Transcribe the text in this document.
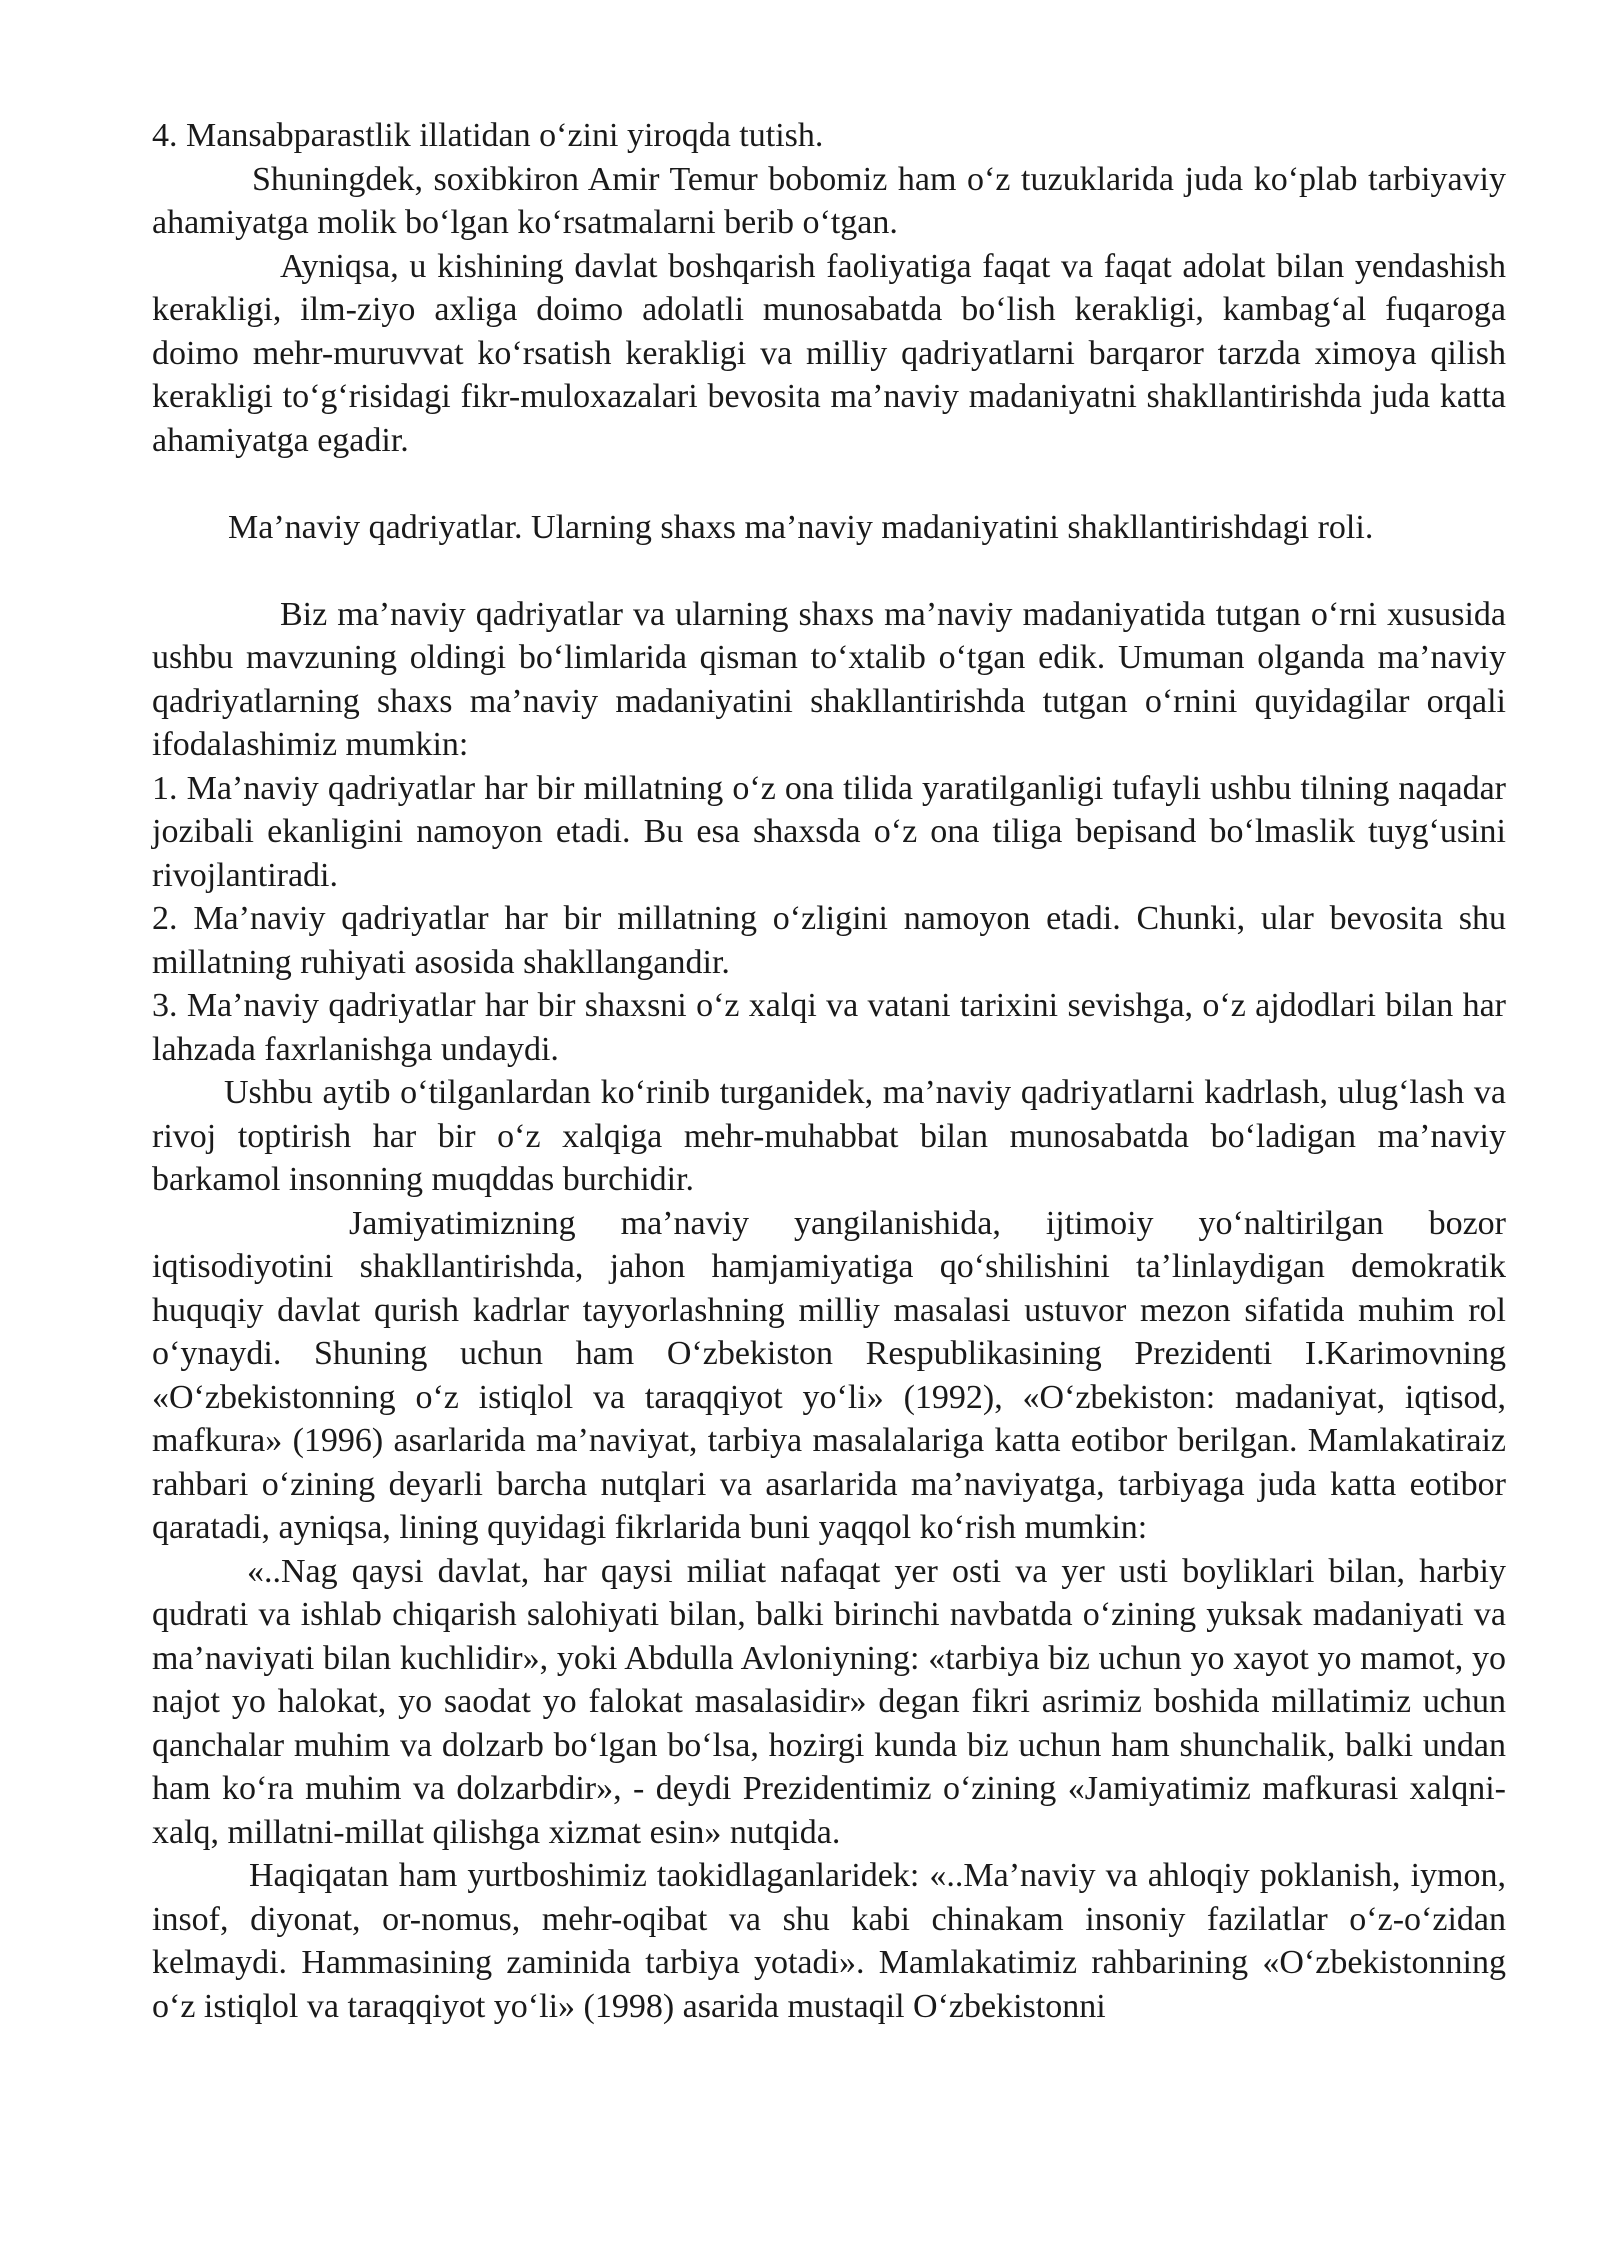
4. Mansabparastlik illatidan o‘zini yiroqda tutish.

Shuningdek, soxibkiron Amir Temur bobomiz ham o‘z tuzuklarida juda ko‘plab tarbiyaviy ahamiyatga molik bo‘lgan ko‘rsatmalarni berib o‘tgan.

Ayniqsa, u kishining davlat boshqarish faoliyatiga faqat va faqat adolat bilan yendashish kerakligi, ilm-ziyo axliga doimo adolatli munosabatda bo‘lish kerakligi, kambag‘al fuqaroga doimo mehr-muruvvat ko‘rsatish kerakligi va milliy qadriyatlarni barqaror tarzda ximoya qilish kerakligi to‘g‘risidagi fikr-muloxazalari bevosita ma’naviy madaniyatni shakllantirishda juda katta ahamiyatga egadir.

Ma’naviy qadriyatlar. Ularning shaxs ma’naviy madaniyatini shakllantirishdagi roli.

Biz ma’naviy qadriyatlar va ularning shaxs ma’naviy madaniyatida tutgan o‘rni xususida ushbu mavzuning oldingi bo‘limlarida qisman to‘xtalib o‘tgan edik. Umuman olganda ma’naviy qadriyatlarning shaxs ma’naviy madaniyatini shakllantirishda tutgan o‘rnini quyidagilar orqali ifodalashimiz mumkin:

1. Ma’naviy qadriyatlar har bir millatning o‘z ona tilida yaratilganligi tufayli ushbu tilning naqadar jozibali ekanligini namoyon etadi. Bu esa shaxsda o‘z ona tiliga bepisand bo‘lmaslik tuyg‘usini rivojlantiradi.

2. Ma’naviy qadriyatlar har bir millatning o‘zligini namoyon etadi. Chunki, ular bevosita shu millatning ruhiyati asosida shakllangandir.

3. Ma’naviy qadriyatlar har bir shaxsni o‘z xalqi va vatani tarixini sevishga, o‘z ajdodlari bilan har lahzada faxrlanishga undaydi.

Ushbu aytib o‘tilganlardan ko‘rinib turganidek, ma’naviy qadriyatlarni kadrlash, ulug‘lash va rivoj toptirish har bir o‘z xalqiga mehr-muhabbat bilan munosabatda bo‘ladigan ma’naviy barkamol insonning muqddas burchidir.

Jamiyatimizning ma’naviy yangilanishida, ijtimoiy yo‘naltirilgan bozor iqtisodiyotini shakllantirishda, jahon hamjamiyatiga qo‘shilishini ta’linlaydigan demokratik huquqiy davlat qurish kadrlar tayyorlashning milliy masalasi ustuvor mezon sifatida muhim rol o‘ynaydi. Shuning uchun ham O‘zbekiston Respublikasining Prezidenti I.Karimovning «O‘zbekistonning o‘z istiqlol va taraqqiyot yo‘li» (1992), «O‘zbekiston: madaniyat, iqtisod, mafkura» (1996) asarlarida ma’naviyat, tarbiya masalalariga katta eotibor berilgan. Mamlakatiraiz rahbari o‘zining deyarli barcha nutqlari va asarlarida ma’naviyatga, tarbiyaga juda katta eotibor qaratadi, ayniqsa, lining quyidagi fikrlarida buni yaqqol ko‘rish mumkin:

«..Nag qaysi davlat, har qaysi miliat nafaqat yer osti va yer usti boyliklari bilan, harbiy qudrati va ishlab chiqarish salohiyati bilan, balki birinchi navbatda o‘zining yuksak madaniyati va ma’naviyati bilan kuchlidir», yoki Abdulla Avloniyning: «tarbiya biz uchun yo xayot yo mamot, yo najot yo halokat, yo saodat yo falokat masalasidir» degan fikri asrimiz boshida millatimiz uchun qanchalar muhim va dolzarb bo‘lgan bo‘lsa, hozirgi kunda biz uchun ham shunchalik, balki undan ham ko‘ra muhim va dolzarbdir», - deydi Prezidentimiz o‘zining «Jamiyatimiz mafkurasi xalqni-xalq, millatni-millat qilishga xizmat esin» nutqida.

Haqiqatan ham yurtboshimiz taokidlaganlaridek: «..Ma’naviy va ahloqiy poklanish, iymon, insof, diyonat, or-nomus, mehr-oqibat va shu kabi chinakam insoniy fazilatlar o‘z-o‘zidan kelmaydi. Hammasining zaminida tarbiya yotadi». Mamlakatimiz rahbarining «O‘zbekistonning o‘z istiqlol va taraqqiyot yo‘li» (1998) asarida mustaqil O‘zbekistonni
